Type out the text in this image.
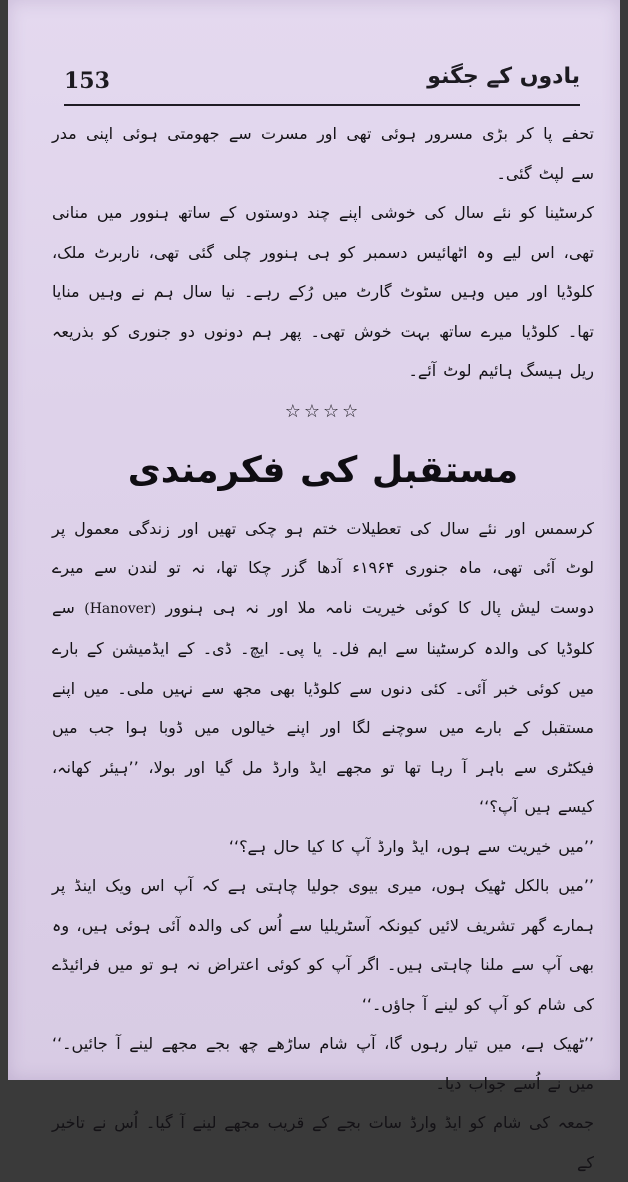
153	یادوں کے جگنو

تحفے پا کر بڑی مسرور ہوئی تھی اور مسرت سے جھومتی ہوئی اپنی مدر سے لپٹ گئی۔

کرسٹینا کو نئے سال کی خوشی اپنے چند دوستوں کے ساتھ ہنوور میں منانی تھی، اس لیے وہ اٹھائیس دسمبر کو ہی ہنوور چلی گئی تھی، ناربرٹ ملک، کلوڈیا اور میں وہیں سٹوٹ گارٹ میں رُکے رہے۔ نیا سال ہم نے وہیں منایا تھا۔ کلوڈیا میرے ساتھ بہت خوش تھی۔ پھر ہم دونوں دو جنوری کو بذریعہ ریل ہیسگ ہائیم لوٹ آئے۔

☆☆☆☆

مستقبل کی فکرمندی

کرسمس اور نئے سال کی تعطیلات ختم ہو چکی تھیں اور زندگی معمول پر لوٹ آئی تھی، ماہ جنوری ۱۹۶۴ء آدھا گزر چکا تھا، نہ تو لندن سے میرے دوست لیش پال کا کوئی خیریت نامہ ملا اور نہ ہی ہنوور (Hanover) سے کلوڈیا کی والدہ کرسٹینا سے ایم فل۔ یا پی۔ ایچ۔ ڈی۔ کے ایڈمیشن کے بارے میں کوئی خبر آئی۔ کئی دنوں سے کلوڈیا بھی مجھ سے نہیں ملی۔ میں اپنے مستقبل کے بارے میں سوچنے لگا اور اپنے خیالوں میں ڈوبا ہوا جب میں فیکٹری سے باہر آ رہا تھا تو مجھے ایڈ وارڈ مل گیا اور بولا، ’’ہیئر کھانہ، کیسے ہیں آپ؟‘‘

’’میں خیریت سے ہوں، ایڈ وارڈ آپ کا کیا حال ہے؟‘‘

’’میں بالکل ٹھیک ہوں، میری بیوی جولیا چاہتی ہے کہ آپ اس ویک اینڈ پر ہمارے گھر تشریف لائیں کیونکہ آسٹریلیا سے اُس کی والدہ آئی ہوئی ہیں، وہ بھی آپ سے ملنا چاہتی ہیں۔ اگر آپ کو کوئی اعتراض نہ ہو تو میں فرائیڈے کی شام کو آپ کو لینے آ جاؤں۔‘‘

’’ٹھیک ہے، میں تیار رہوں گا، آپ شام ساڑھے چھ بجے مجھے لینے آ جائیں۔‘‘ میں نے اُسے جواب دیا۔

جمعہ کی شام کو ایڈ وارڈ سات بجے کے قریب مجھے لینے آ گیا۔ اُس نے تاخیر کے
